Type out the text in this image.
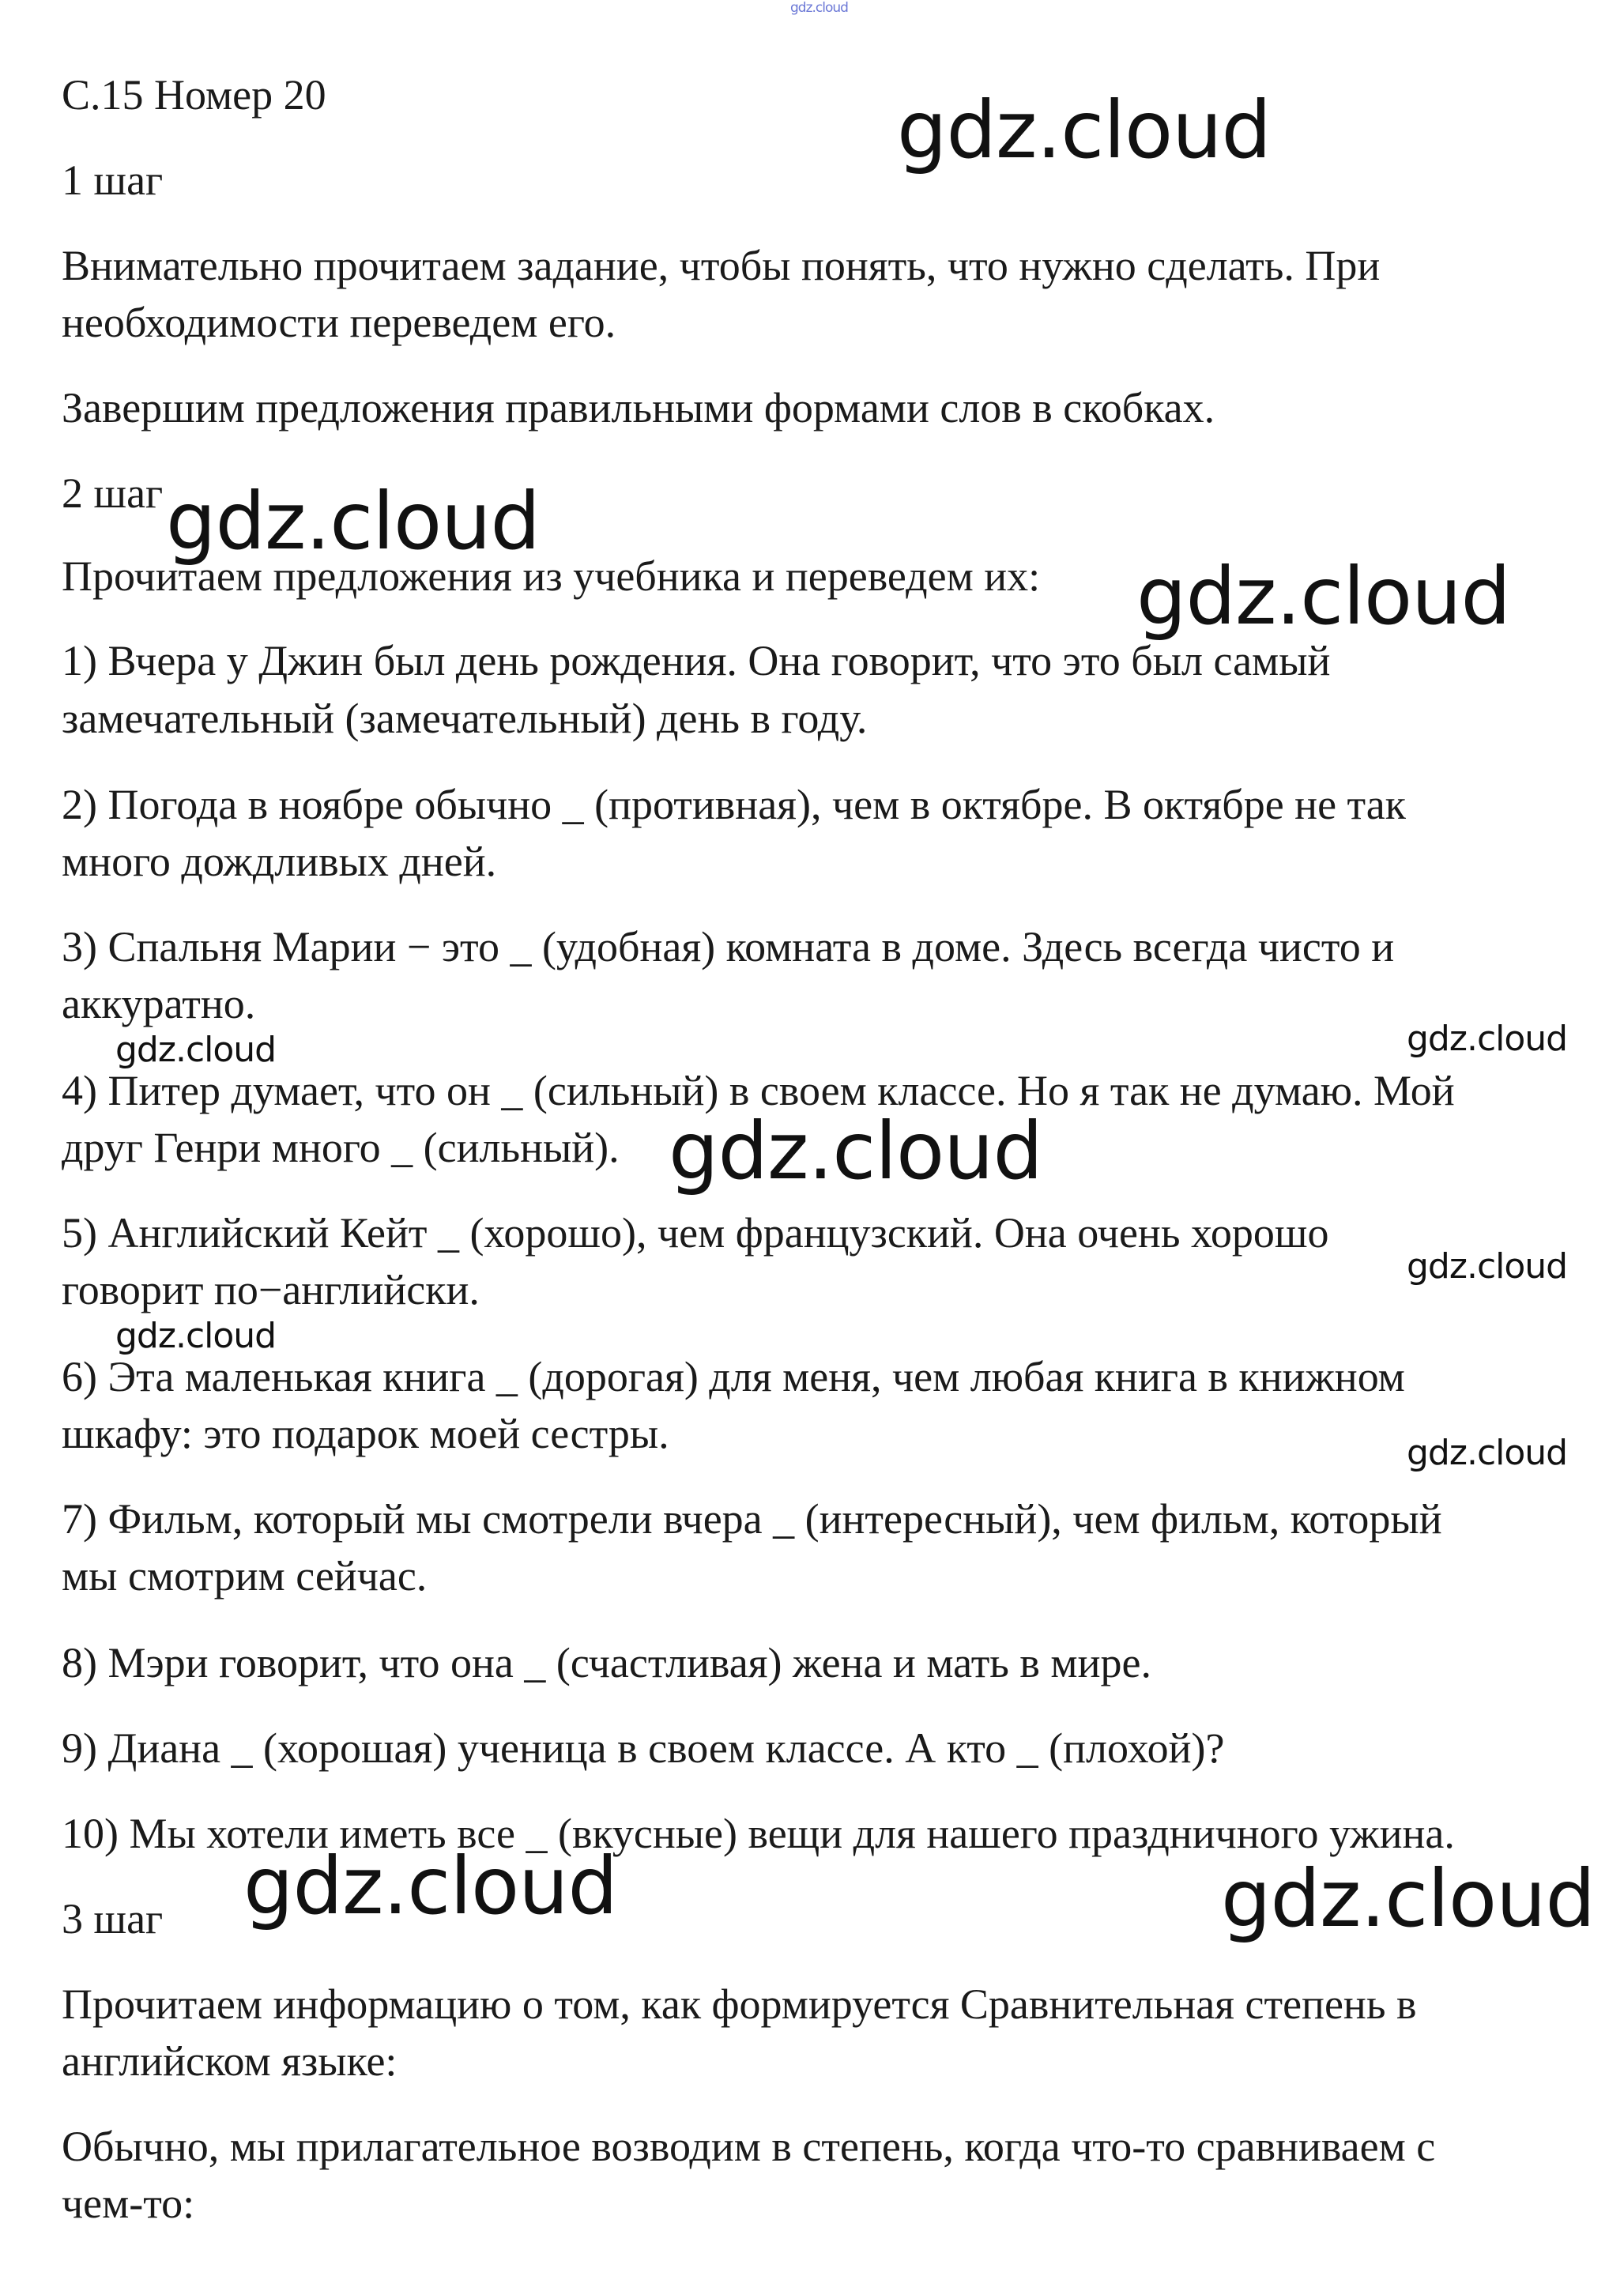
gdz.cloud

С.15 Номер 20

1 шаг

Внимательно прочитаем задание, чтобы понять, что нужно сделать. При

необходимости переведем его.

Завершим предложения правильными формами слов в скобках.

2 шаг

Прочитаем предложения из учебника и переведем их:

1) Вчера у Джин был день рождения. Она говорит, что это был самый

замечательный (замечательный) день в году.

2) Погода в ноябре обычно _ (противная), чем в октябре. В октябре не так

много дождливых дней.

3) Спальня Марии − это _ (удобная) комната в доме. Здесь всегда чисто и

аккуратно.

4) Питер думает, что он _ (сильный) в своем классе. Но я так не думаю. Мой

друг Генри много _ (сильный).

5) Английский Кейт _ (хорошо), чем французский. Она очень хорошо

говорит по−английски.

6) Эта маленькая книга _ (дорогая) для меня, чем любая книга в книжном

шкафу: это подарок моей сестры.

7) Фильм, который мы смотрели вчера _ (интересный), чем фильм, который

мы смотрим сейчас.

8) Мэри говорит, что она _ (счастливая) жена и мать в мире.

9) Диана _ (хорошая) ученица в своем классе. А кто _ (плохой)?

10) Мы хотели иметь все _ (вкусные) вещи для нашего праздничного ужина.

3 шаг

Прочитаем информацию о том, как формируется Сравнительная степень в

английском языке:

Обычно, мы прилагательное возводим в степень, когда что-то сравниваем с

чем-то:

gdz.cloud
gdz.cloud
gdz.cloud
gdz.cloud	gdz.cloud
gdz.cloud
gdz.cloud
gdz.cloud
gdz.cloud
gdz.cloud	gdz.cloud
